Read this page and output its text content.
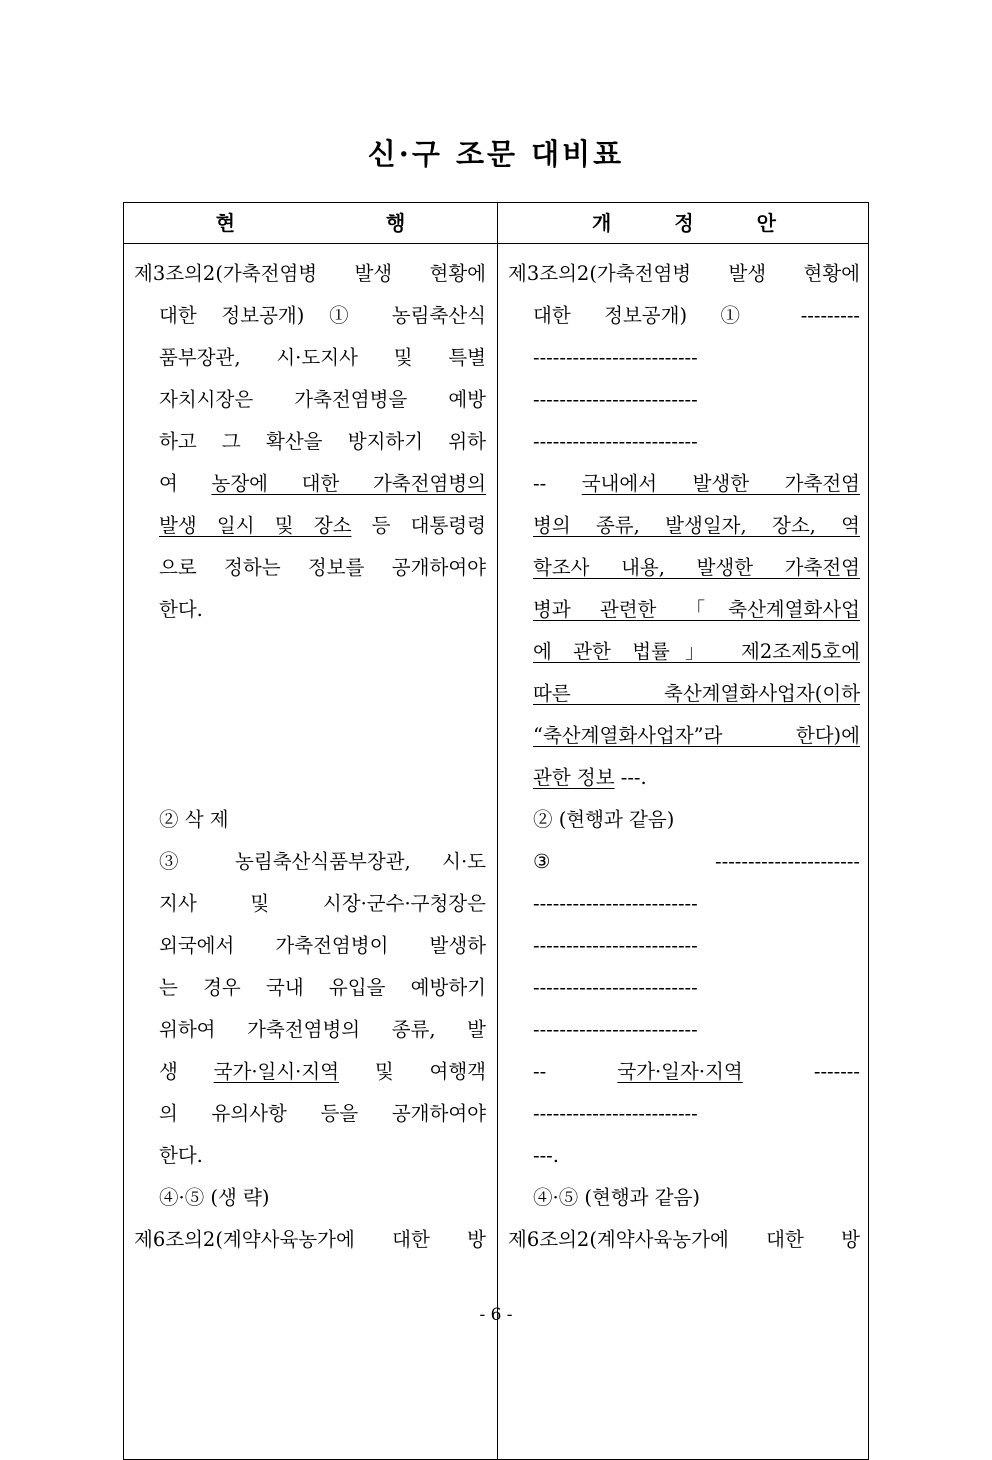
신·구 조문 대비표
현 행	개 정 안
제3조의2(가축전염병 발생 현황에
대한 정보공개) ① 농림축산식
품부장관, 시·도지사 및 특별
자치시장은 가축전염병을 예방
하고 그 확산을 방지하기 위하
여 농장에 대한 가축전염병의
발생 일시 및 장소 등 대통령령
으로 정하는 정보를 공개하여야
한다.
② 삭 제
③ 농림축산식품부장관, 시·도
지사 및 시장·군수·구청장은
외국에서 가축전염병이 발생하
는 경우 국내 유입을 예방하기
위하여 가축전염병의 종류, 발
생 국가·일시·지역 및 여행객
의 유의사항 등을 공개하여야
한다.
④·⑤ (생 략)
제6조의2(계약사육농가에 대한 방
제3조의2(가축전염병 발생 현황에
대한 정보공개) ① ---------
-------------------------
-------------------------
-------------------------
-- 국내에서 발생한 가축전염
병의 종류, 발생일자, 장소, 역
학조사 내용, 발생한 가축전염
병과 관련한 「축산계열화사업
에 관한 법률」 제2조제5호에
따른 축산계열화사업자(이하
“축산계열화사업자”라 한다)에
관한 정보 ---.
② (현행과 같음)
③ ----------------------
-------------------------
-------------------------
-------------------------
-------------------------
-- 국가·일자·지역 -------
-------------------------
---.
④·⑤ (현행과 같음)
제6조의2(계약사육농가에 대한 방
- 6 -
